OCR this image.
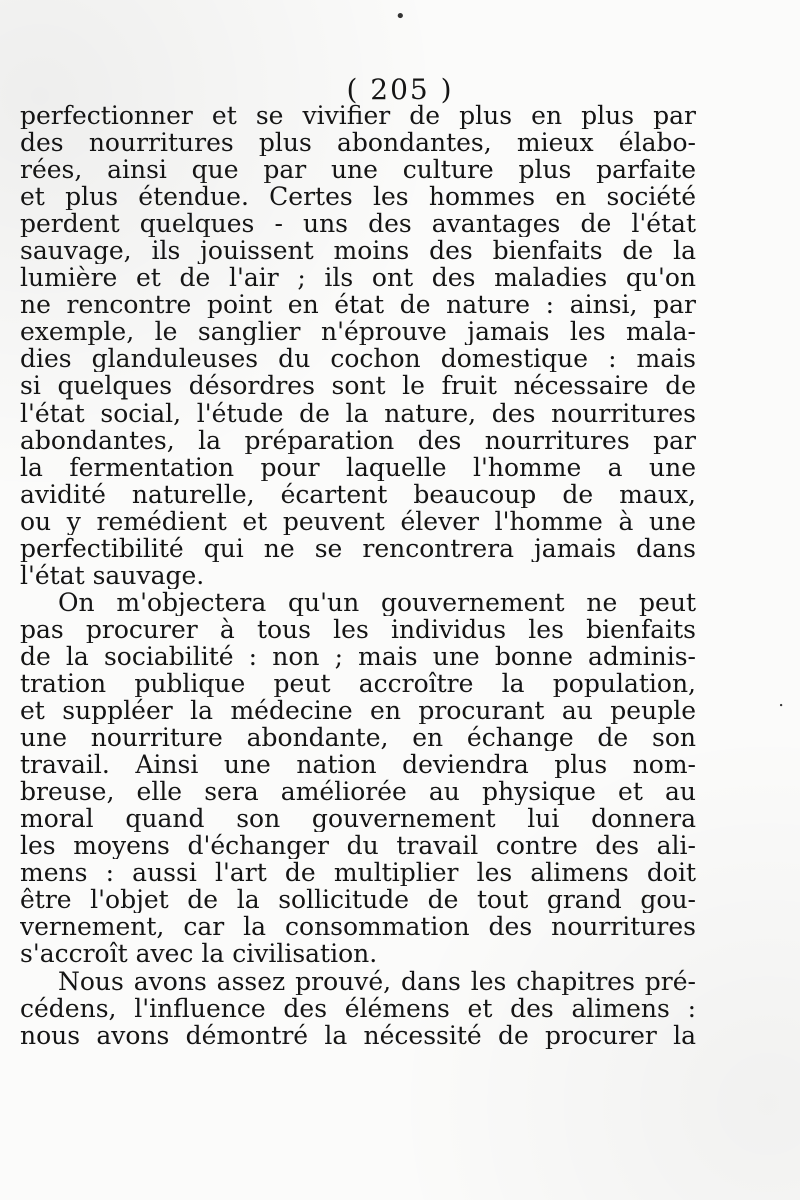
•
.
( 205 )
perfectionner et se vivifier de plus en plus par
des nourritures plus abondantes, mieux élabo-
rées, ainsi que par une culture plus parfaite
et plus étendue. Certes les hommes en société
perdent quelques - uns des avantages de l'état
sauvage, ils jouissent moins des bienfaits de la
lumière et de l'air ; ils ont des maladies qu'on
ne rencontre point en état de nature : ainsi, par
exemple, le sanglier n'éprouve jamais les mala-
dies glanduleuses du cochon domestique : mais
si quelques désordres sont le fruit nécessaire de
l'état social, l'étude de la nature, des nourritures
abondantes, la préparation des nourritures par
la fermentation pour laquelle l'homme a une
avidité naturelle, écartent beaucoup de maux,
ou y remédient et peuvent élever l'homme à une
perfectibilité qui ne se rencontrera jamais dans
l'état sauvage.
On m'objectera qu'un gouvernement ne peut
pas procurer à tous les individus les bienfaits
de la sociabilité : non ; mais une bonne adminis-
tration publique peut accroître la population,
et suppléer la médecine en procurant au peuple
une nourriture abondante, en échange de son
travail. Ainsi une nation deviendra plus nom-
breuse, elle sera améliorée au physique et au
moral quand son gouvernement lui donnera
les moyens d'échanger du travail contre des ali-
mens : aussi l'art de multiplier les alimens doit
être l'objet de la sollicitude de tout grand gou-
vernement, car la consommation des nourritures
s'accroît avec la civilisation.
Nous avons assez prouvé, dans les chapitres pré-
cédens, l'influence des élémens et des alimens :
nous avons démontré la nécessité de procurer la
